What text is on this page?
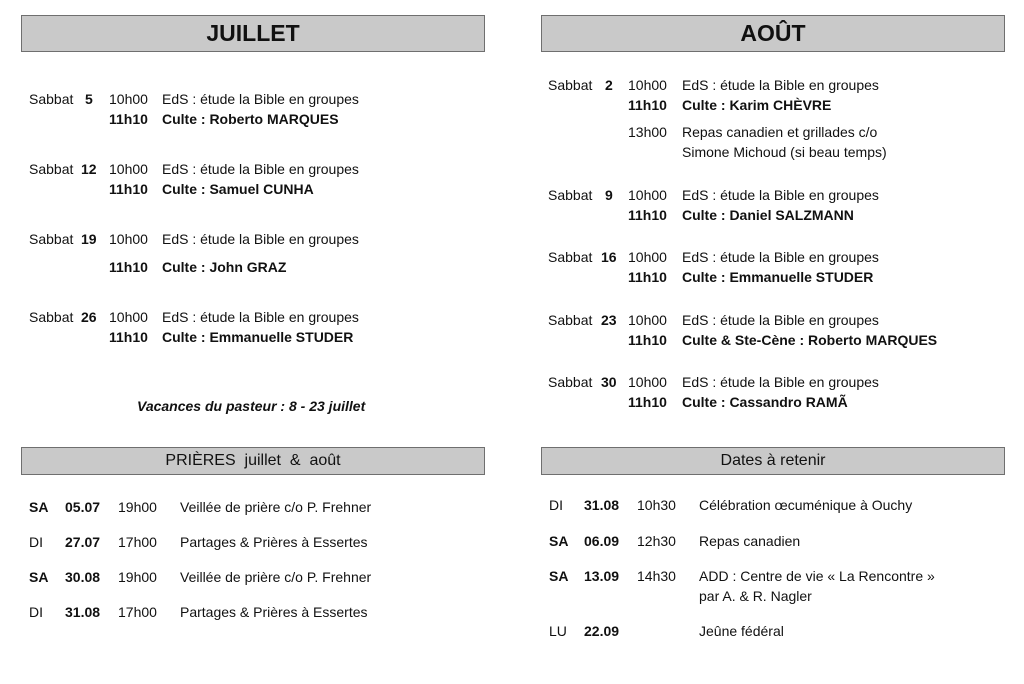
JUILLET
Sabbat 5 10h00 EdS : étude la Bible en groupes
11h10 Culte : Roberto MARQUES
Sabbat 12 10h00 EdS : étude la Bible en groupes
11h10 Culte : Samuel CUNHA
Sabbat 19 10h00 EdS : étude la Bible en groupes
11h10 Culte : John GRAZ
Sabbat 26 10h00 EdS : étude la Bible en groupes
11h10 Culte : Emmanuelle STUDER
Vacances du pasteur : 8 - 23 juillet
AOÛT
Sabbat 2 10h00 EdS : étude la Bible en groupes
11h10 Culte : Karim CHÈVRE
13h00 Repas canadien et grillades c/o
Simone Michoud (si beau temps)
Sabbat 9 10h00 EdS : étude la Bible en groupes
11h10 Culte : Daniel SALZMANN
Sabbat 16 10h00 EdS : étude la Bible en groupes
11h10 Culte : Emmanuelle STUDER
Sabbat 23 10h00 EdS : étude la Bible en groupes
11h10 Culte & Ste-Cène : Roberto MARQUES
Sabbat 30 10h00 EdS : étude la Bible en groupes
11h10 Culte : Cassandro RAMÃ
PRIÈRES  juillet  &  août
SA 05.07 19h00 Veillée de prière c/o P. Frehner
DI 27.07 17h00 Partages & Prières à Essertes
SA 30.08 19h00 Veillée de prière c/o P. Frehner
DI 31.08 17h00 Partages & Prières à Essertes
Dates à retenir
DI 31.08 10h30 Célébration œcuménique à Ouchy
SA 06.09 12h30 Repas canadien
SA 13.09 14h30 ADD : Centre de vie « La Rencontre »
par A. & R. Nagler
LU 22.09	Jeûne fédéral
